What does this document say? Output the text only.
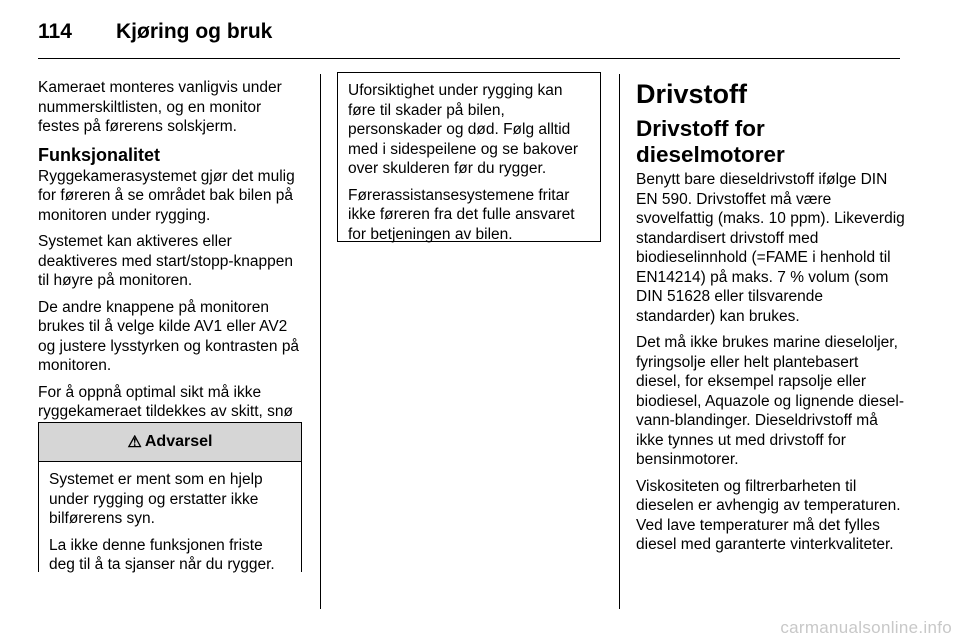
114 Kjøring og bruk

Kameraet monteres vanligvis under nummerskiltlisten, og en monitor festes på førerens solskjerm.

Funksjonalitet

Ryggekamerasystemet gjør det mulig for føreren å se området bak bilen på monitoren under rygging.

Systemet kan aktiveres eller deaktiveres med start/stopp-knappen til høyre på monitoren.

De andre knappene på monitoren brukes til å velge kilde AV1 eller AV2 og justere lysstyrken og kontrasten på monitoren.

For å oppnå optimal sikt må ikke ryggekameraet tildekkes av skitt, snø

⚠ Advarsel

Systemet er ment som en hjelp under rygging og erstatter ikke bilførerens syn.

La ikke denne funksjonen friste deg til å ta sjanser når du rygger.

Uforsiktighet under rygging kan føre til skader på bilen, personskader og død. Følg alltid med i sidespeilene og se bakover over skulderen før du rygger.

Førerassistansesystemene fritar ikke føreren fra det fulle ansvaret for betjeningen av bilen.

Drivstoff
Drivstoff for dieselmotorer

Benytt bare dieseldrivstoff ifølge DIN EN 590. Drivstoffet må være svovelfattig (maks. 10 ppm). Likeverdig standardisert drivstoff med biodieselinnhold (=FAME i henhold til EN14214) på maks. 7 % volum (som DIN 51628 eller tilsvarende standarder) kan brukes.

Det må ikke brukes marine dieseloljer, fyringsolje eller helt plantebasert diesel, for eksempel rapsolje eller biodiesel, Aquazole og lignende diesel-vann-blandinger. Dieseldrivstoff må ikke tynnes ut med drivstoff for bensinmotorer.

Viskositeten og filtrerbarheten til dieselen er avhengig av temperaturen. Ved lave temperaturer må det fylles diesel med garanterte vinterkvaliteter.

carmanualsonline.info
